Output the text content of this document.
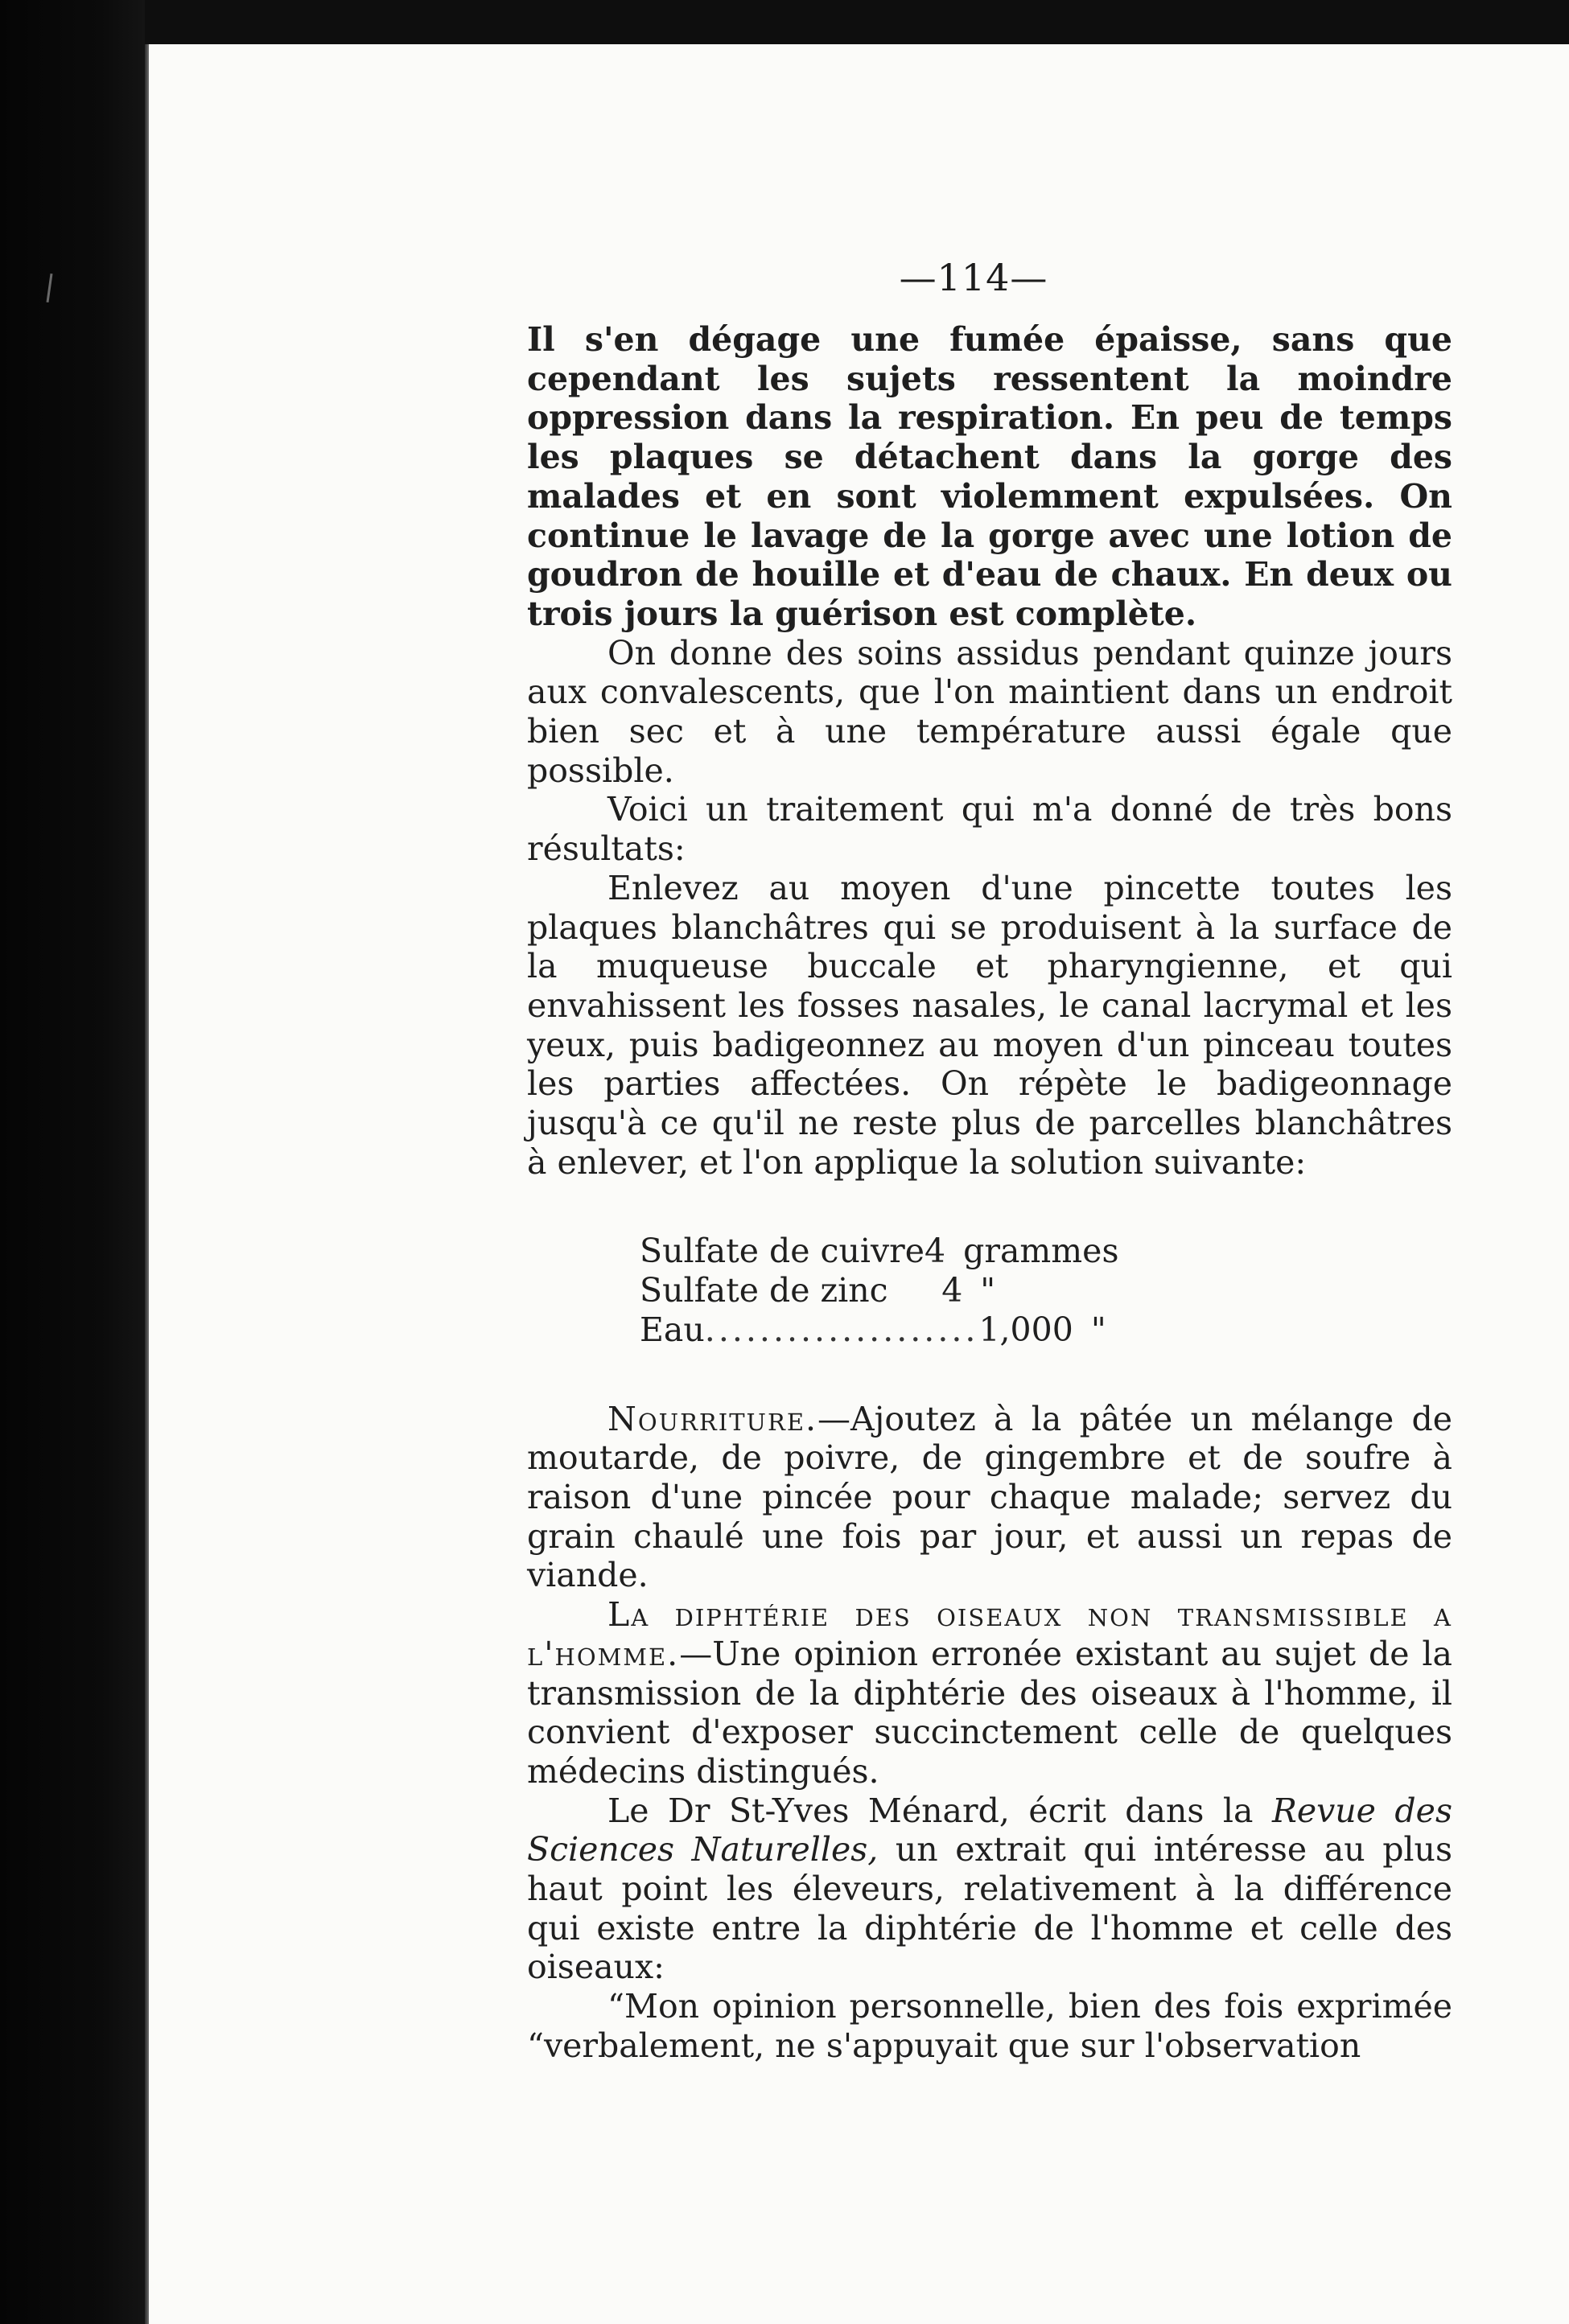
—114—

Il s'en dégage une fumée épaisse, sans que cependant les sujets ressentent la moindre oppression dans la respiration. En peu de temps les plaques se détachent dans la gorge des malades et en sont violemment expulsées. On continue le lavage de la gorge avec une lotion de goudron de houille et d'eau de chaux. En deux ou trois jours la guérison est complète.

On donne des soins assidus pendant quinze jours aux convalescents, que l'on maintient dans un endroit bien sec et à une température aussi égale que possible.

Voici un traitement qui m'a donné de très bons résultats:

Enlevez au moyen d'une pincette toutes les plaques blanchâtres qui se produisent à la surface de la muqueuse buccale et pharyngienne, et qui envahissent les fosses nasales, le canal lacrymal et les yeux, puis badigeonnez au moyen d'un pinceau toutes les parties affectées. On répète le badigeonnage jusqu'à ce qu'il ne reste plus de parcelles blanchâtres à enlever, et l'on applique la solution suivante:

Sulfate de cuivre 4 grammes
Sulfate de zinc	4 "
Eau .................... 1,000 "

Nourriture.—Ajoutez à la pâtée un mélange de moutarde, de poivre, de gingembre et de soufre à raison d'une pincée pour chaque malade; servez du grain chaulé une fois par jour, et aussi un repas de viande.

La diphtérie des oiseaux non transmissible a l'homme.—Une opinion erronée existant au sujet de la transmission de la diphtérie des oiseaux à l'homme, il convient d'exposer succinctement celle de quelques médecins distingués.

Le Dr St-Yves Ménard, écrit dans la Revue des Sciences Naturelles, un extrait qui intéresse au plus haut point les éleveurs, relativement à la différence qui existe entre la diphtérie de l'homme et celle des oiseaux:

“Mon opinion personnelle, bien des fois exprimée “verbalement, ne s'appuyait que sur l'observation
